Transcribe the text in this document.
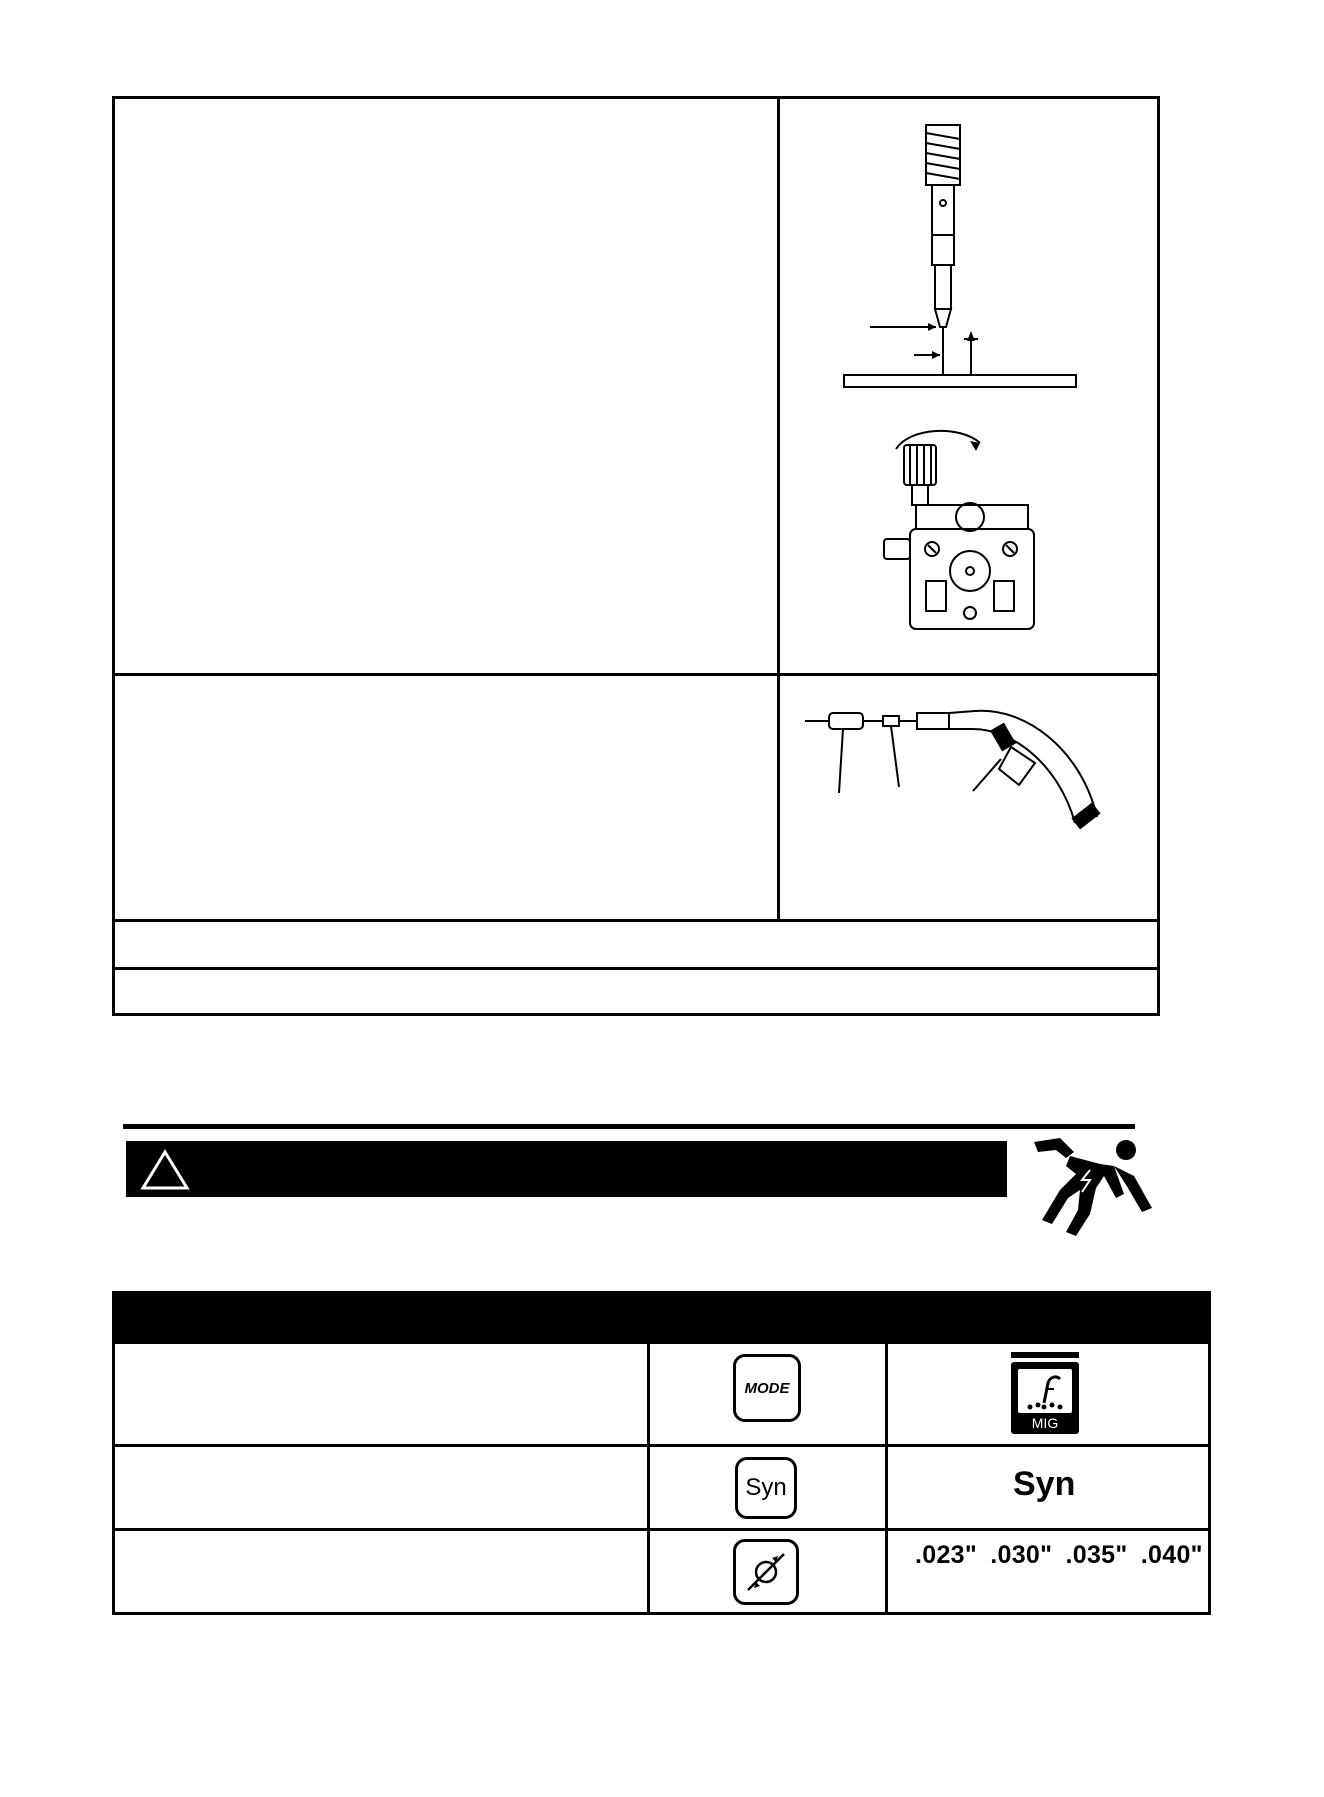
MODE
MIG
Syn	Syn
.023" .030" .035" .040"
